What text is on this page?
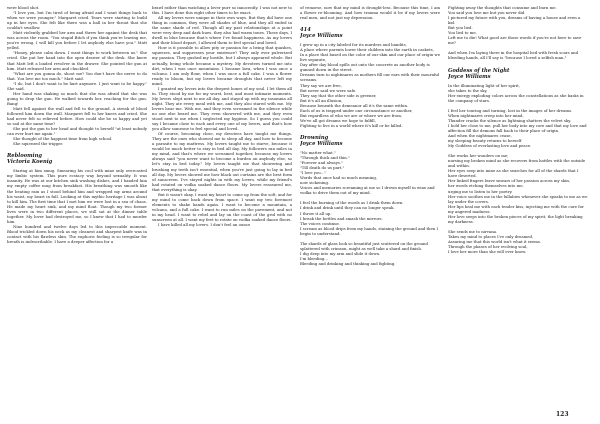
were blood shot.

"I love you, but I'm tired of being afraid and I want things back to when we were younger," Margaret cried. Tears were starting to build up in her eyes. She felt like there was a ball in her throat that she couldn't swallow.

Matt violently grabbed her arm and threw her against the desk that was across the room. "You stupid Bitch if you think you're leaving me, you're wrong. I will kill you before I let anybody else have you." Matt yelled.

"Honey, please calm down. I want things to work between us." She cried. She put her hand into the open drawer of the desk. She knew that Matt left a loaded revolver in the drawer. She pointed the gun at him. Matt released her arm and chuckled.

"What are you gonna do, shoot me? You don't have the nerve to do that. You love me too much." Matt said.

"I do, but I don't want to be hurt anymore. I just want to be happy." She said.

Her hand was shaking so much that she was afraid that she was going to drop the gun. He walked towards her, reaching for the gun. Bang!

Matt fell against the wall and fell to the ground. A streak of blood followed him down the wall. Margaret fell to her knees and cried. She had never felt so relieved before. How could she be so happy and yet so sad at the same time?

She put the gun to her head and thought to herself "at least nobody can ever hurt me again."

She thought of the happiest time from high school.

She squeezed the trigger.

Reblooming
Victoria Koenig

Staring at him smug. Smearing his cool with mine only overcasted my limbic system. This pure ecstacy way beyond sexuality. It was insanity. He was at our kitchen sink washing dishes, and I handed him my empty coffee mug from breakfast. His breathing was smooth like the beating rain as I stood behind him and wrapped my arms around his waist, my heart in full. Looking at this mythic heritage I was about to kill him. The first time that I met him we were lost in a sea of chaos. He made my heart sink, and my mind float. Though my two former lives were in two different places, we still sat at the dinner table together. My lover had destroyed me, so I knew that I had to murder him.

Nine hundred and twelve days led to this impeccable moment. Blood trickled down his neck as my cleanest and sharpest knife was in contact with his flawless skin. The euphoric feeling is so irregular for breath is indescribable. I have a deeper affection for a

brawl rather than watching a lover purr so innocently. I was not new to this. I have done this eight other times to be exact.

All my lovers were unique in their own ways. But they did have one thing in common, they were all shades of blue, and they all ended in the same shade of red. Though all my past relationships at a point were very deep and dark hues, they also had warm tones. These days, I dwell in blue because that's where I've found happiness. As my lovers and their blood depart, I allowed them to feel special and loved.

How is it possible to allow pity or passion for a being that quashes, squeezes, and suppresses your existence? They only ever pulverized my passion. They gushed my hostile, but I always appeared whole. But actually, being whole became a mystery. My devotees turned me into dirt, when I was once mountains. I became lava, when I was once a volcano. I am only flour, when I was once a full cake. I was a flower ready to bloom, but my lovers became droughts that never left my mind.

I granted my lovers into the deepest bones of my soul. I let them all in. They stood by me for my worst, best, and most intimate moments. My lovers slept next to me all day, and stayed up with my insomnia all night. They ate every meal with me, and they also stared with me. My lovers hear me. With me, and they even screamed in the silence while no one else heard me. They even showered with me, and they even stood next to me when I neglected my hygiene. So I guess you could say I became close to each and every one of my lovers, and that's how you allow someone to feel special and loved.

Of course, becoming close, my devotees have taught me things. They are the ones who showed me to sleep all day, and how to become a parasite to my mattress. My lovers taught me to starve, because it would be much better to stay in bed all day. My followers ran miles in my mind, and that's where we screamed together, because my lovers always said "you never want to become a burden on anybody else, so let's stay in bed today." My lovers taught me that showering and brushing my teeth isn't essential, when you're just going to lay in bed all day. My lovers showed me how black out curtains are the best form of sunscreen. I've stayed nights in with my lovers, while my friend's had rotated on vodka soaked dance floors. My lovers reassured me, that everything is okay.

But it wasn't okay. I want my heart to come up from the soft, and for my mind to come back down from space. I want my two foremost elements to shake hands again. I want to become a mountain, a volcano, and a full cake. I want to run miles on the pavement, and not in my head. I want to rebel and lay on the coast of the grid with no sunscreen at all. I want my feet to rotate on vodka soaked dance floors.

I have killed all my lovers. I don't feel an ounce

of remorse, now that my mind is drought-less. Because this time, I am a flower re-blooming. And how trauma would it be if my lovers were real men, and not just my depression.

414
Joyce Williams

I grew up in a city labeled for its murders and bandits,

A place where parents lower their children into the earth in caskets,

In a place that based on the color of our skin and our place of origin we live separate,

Day after day blood spills out onto the concrete as another body is gunned down in the street.

Dreams turn to nightmares as mothers fill our ears with their mournful screams.

They say we are free,

But never said we were safe.

They say that the other side is greener,

But it's all an illusion,

Because beneath the demeanor all it's the same within.

Each of us is trapped under one circumstance or another,

But regardless of who we are or where we are from,

We've all got dreams we hope to fulfill,

Fighting to live in a world where it's kill or be killed.

Drowning
Joyce Williams

"No matter what."

"Through thick and thin."

"Forever and always."

"Till death do us part."

"I love you..."

Words that once had so much meaning,

now sickening.

Voices and memories screaming at me so I drown myself in wine and vodka to drive them out of my mind.

I feel the burning of the words as I drink them down.

I drink and drink until they can no longer speak.

I throw it all up.

I break the bottles and smash the mirrors.

The voices continue.

I scream as blood drips from my hands, staining the ground and then I begin to understand.

The shards of glass look so beautiful just scattered on the ground splattered with crimson, might as well take a shard and finish.

I dig deep into my arm and slide it down.

I'm bleeding...

Bleeding and drinking and thinking and fighting.

Fighting away the thoughts that consume and burn me.

You said you love me but you never did.

I pictured my future with you, dreams of having a house and even a kid.

But you lied.

You lied to me.

Left me to die! What good are those words if you're not here to save me?

And when I'm laying there in the hospital bed with fresh scars and bleeding hands, all I'll say is "because I loved a selfish man."

Goddess of the Night
Joyce Williams

In the illuminating light of her spirit,

she takes to the sky,

Her energy exploding colors across the constellations as she basks in the company of stars.

I feel her touring and turning, lost in the images of her dreams.

When nightmares creep into her mind,

Thunder cracks the silence as lightning shatters the velvet sky.

I hold her close to me, pull her body into my core and that my love and affection fill the demons fall back to their place of origin.

And when the nightmares cease,

my sleeping beauty returns to herself

My Goddess of everlasting love and peace.

She works her wonders on me;

nursing my broken mind as she recovers from battles with the outside and within.

Her eyes seep into mine as she searches for all of the shards that I have deserted.

Her linked fingers leave smears of her passion across my skin,

her words etching themselves into me,

urging me to listen to her poetry.

Her voice soothes me in the lullabies whenever she speaks to me as we lay under the covers.

Her lips heal me with each tender kiss, injecting me with the cure for my angered madness.

Her love seeps into the broken pieces of my spirit, the light breaking my darkness.

She sends me to nirvana.

Takes my mind to places I've only dreamed,

Assuring me that this world isn't what it seems.

Through the phases of her evolving soul,

I love her more than she will ever know.

123
